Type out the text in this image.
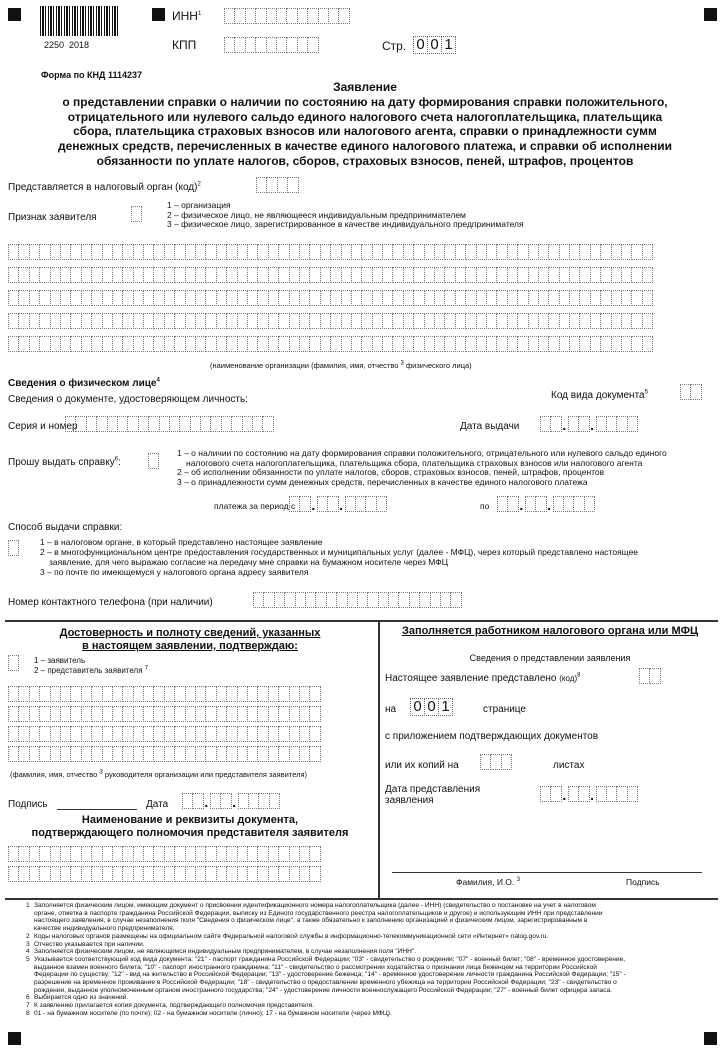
2250  2018
ИНН$^1$
КПП	Стр. 0 0 1
Форма по КНД 1114237
Заявление
о представлении справки о наличии по состоянию на дату формирования справки положительного,
отрицательного или нулевого сальдо единого налогового счета налогоплательщика, плательщика
сбора, плательщика страховых взносов или налогового агента, справки о принадлежности сумм
денежных средств, перечисленных в качестве единого налогового платежа, и справки об исполнении
обязанности по уплате налогов, сборов, страховых взносов, пеней, штрафов, процентов
Представляется в налоговый орган (код)$^2$
Признак заявителя
1 – организация
2 – физическое лицо, не являющееся индивидуальным предпринимателем
3 – физическое лицо, зарегистрированное в качестве индивидуального предпринимателя
(наименование организации (фамилия, имя, отчество $^3$ физического лица)
Сведения о физическом лице$^4$
Сведения о документе, удостоверяющем личность:	Код вида документа$^5$
Серия и номер	Дата выдачи	. .
Прошу выдать справку$^6$:
1 – о наличии по состоянию на дату формирования справки положительного, отрицательного или нулевого сальдо единого
налогового счета налогоплательщика, плательщика сбора, плательщика страховых взносов или налогового агента
2 – об исполнении обязанности по уплате налогов, сборов, страховых взносов, пеней, штрафов, процентов
3 – о принадлежности сумм денежных средств, перечисленных в качестве единого налогового платежа
платежа за период с . .	по . .
Способ выдачи справки:
1 – в налоговом органе, в который представлено настоящее заявление
2 – в многофункциональном центре предоставления государственных и муниципальных услуг (далее - МФЦ), через который представлено настоящее
заявление, для чего выражаю согласие на передачу мне справки на бумажном носителе через МФЦ
3 – по почте по имеющемуся у налогового органа адресу заявителя
Номер контактного телефона (при наличии)
Достоверность и полноту сведений, указанных
в настоящем заявлении, подтверждаю:
1 – заявитель
2 – представитель заявителя $^7$
(фамилия, имя, отчество $^3$ руководителя организации или представителя заявителя)
Подпись	Дата	. .
Наименование и реквизиты документа,
подтверждающего полномочия представителя заявителя
Заполняется работником налогового органа или МФЦ
Сведения о представлении заявления
Настоящее заявление представлено (код)$^8$
на 0 0 1	странице
с приложением подтверждающих документов
или их копий на	листах
Дата представления
заявления	. .
Фамилия, И.О. $^3$	Подпись
1 Заполняется физическим лицом, имеющим документ о присвоении идентификационного номера налогоплательщика (далее - ИНН) (свидетельство о постановке на учет в налоговом
органе, отметка в паспорте гражданина Российской Федерации, выписку из Единого государственного реестра налогоплательщиков и другое) и использующим ИНН при представлении
настоящего заявления, в случае незаполнения поля "Сведения о физическом лице", а также обязательно к заполнению организацией и физическим лицом, зарегистрированным в
качестве индивидуального предпринимателя.
2 Коды налоговых органов размещены на официальном сайте Федеральной налоговой службы в информационно-телекоммуникационной сети «Интернет» nalog.gov.ru.
3 Отчество указывается при наличии.
4 Заполняется физическим лицом, не являющимся индивидуальным предпринимателем, в случае незаполнения поля "ИНН".
5 Указывается соответствующий код вида документа: "21" - паспорт гражданина Российской Федерации; "03" - свидетельство о рождении; "07" - военный билет; "08" - временное удостоверение,
выданное взамен военного билета; "10" - паспорт иностранного гражданина; "11" - свидетельство о рассмотрении ходатайства о признании лица беженцем на территории Российской
Федерации по существу; "12" - вид на жительство в Российской Федерации; "13" - удостоверение беженца; "14" - временное удостоверение личности гражданина Российской Федерации; "15" -
разрешение на временное проживание в Российской Федерации; "18" - свидетельство о предоставлении временного убежища на территории Российской Федерации; "23" - свидетельство о
рождении, выданное уполномоченным органом иностранного государства; "24" - удостоверение личности военнослужащего Российской Федерации; "27" - военный билет офицера запаса.
6 Выбирается одно из значений.
7 К заявлению прилагается копия документа, подтверждающего полномочия представителя.
8 01 - на бумажном носителе (по почте); 02 - на бумажном носителе (лично); 17 - на бумажном носителе (через МФЦ).
